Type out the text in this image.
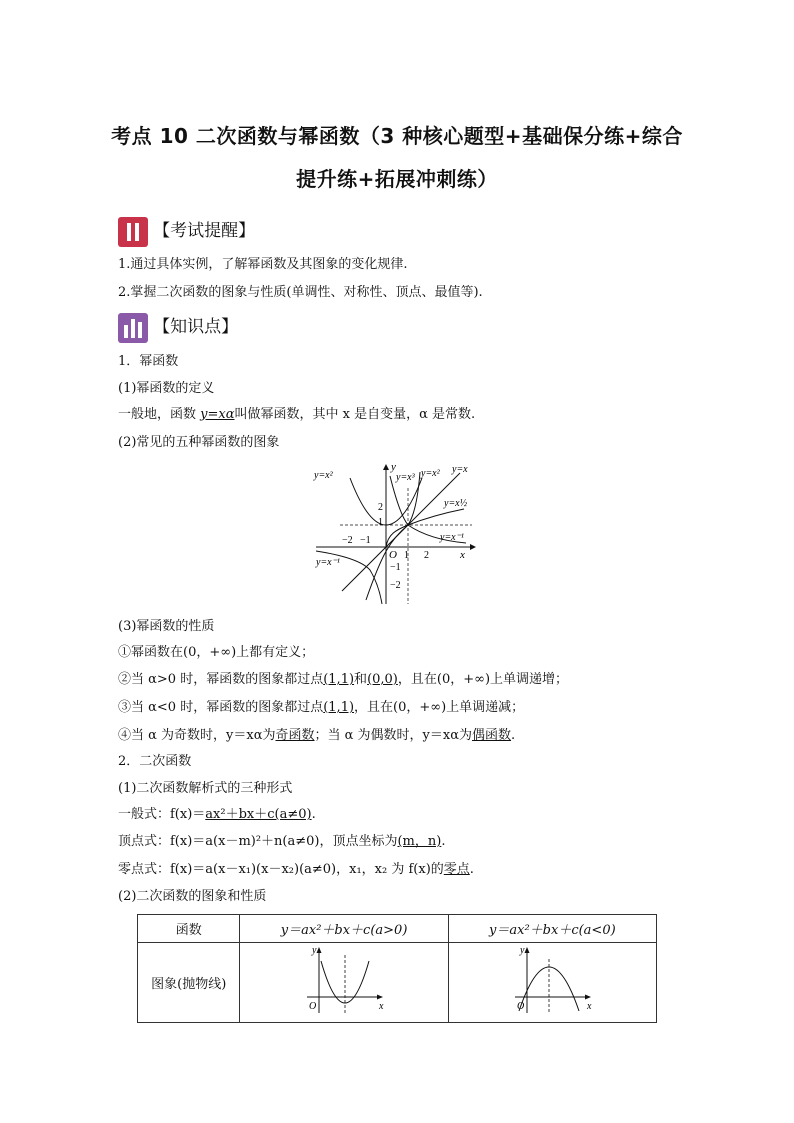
考点 10 二次函数与幂函数（3 种核心题型+基础保分练+综合
提升练+拓展冲刺练）
【考试提醒】
1.通过具体实例，了解幂函数及其图象的变化规律.
2.掌握二次函数的图象与性质(单调性、对称性、顶点、最值等).
【知识点】
1．幂函数
(1)幂函数的定义
一般地，函数 y=xα叫做幂函数，其中 x 是自变量，α 是常数.
(2)常见的五种幂函数的图象
y=x²	y=x³ y=x² y=x
y=x½
y=x⁻¹
y=x⁻¹
y
x
O
−2 −1
1 2
2
1
−1
−2
(3)幂函数的性质
①幂函数在(0，+∞)上都有定义；
②当 α>0 时，幂函数的图象都过点(1,1)和(0,0)，且在(0，+∞)上单调递增；
③当 α<0 时，幂函数的图象都过点(1,1)，且在(0，+∞)上单调递减；
④当 α 为奇数时，y＝xα为奇函数；当 α 为偶数时，y＝xα为偶函数.
2．二次函数
(1)二次函数解析式的三种形式
一般式：f(x)＝ax²＋bx＋c(a≠0).
顶点式：f(x)＝a(x－m)²＋n(a≠0)，顶点坐标为(m，n).
零点式：f(x)＝a(x－x₁)(x－x₂)(a≠0)，x₁，x₂ 为 f(x)的零点.
(2)二次函数的图象和性质
函数	y＝ax²＋bx＋c(a>0)	y＝ax²＋bx＋c(a<0)
图象(抛物线)	y
x
O	y
x
O
